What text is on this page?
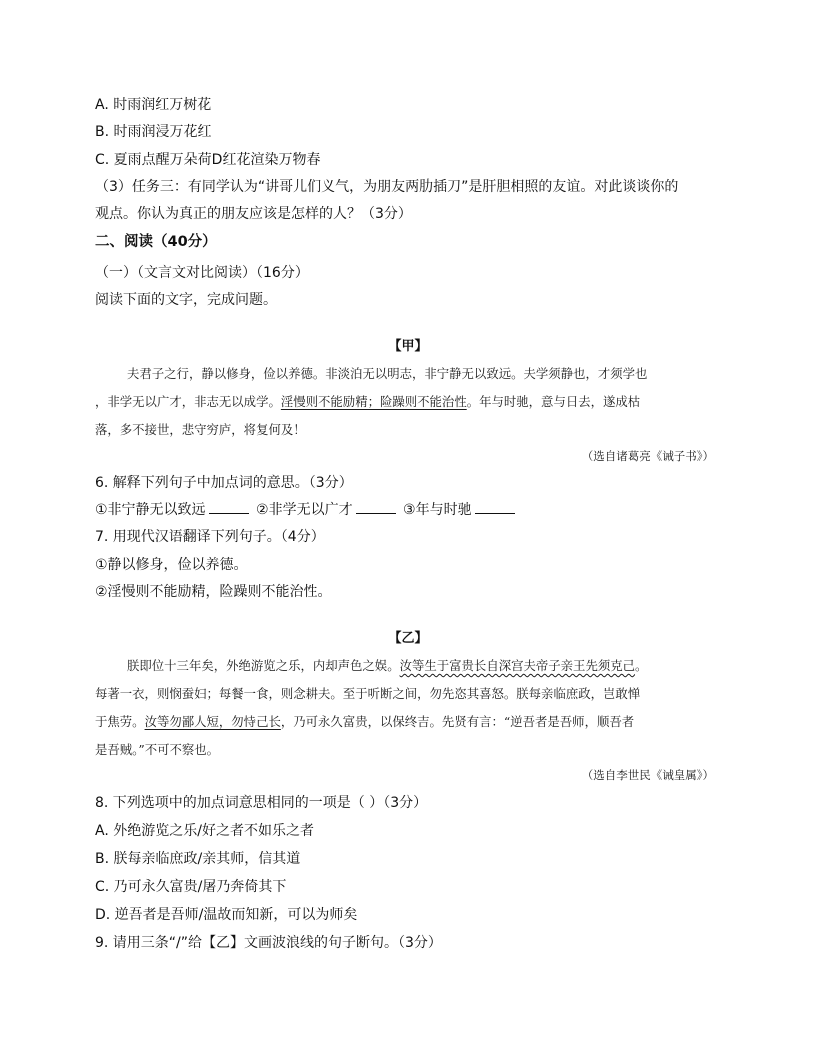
A. 时雨润红万树花
B. 时雨润浸万花红
C. 夏雨点醒万朵荷D红花渲染万物春
（3）任务三：有同学认为“讲哥儿们义气，为朋友两肋插刀”是肝胆相照的友谊。对此谈谈你的
观点。你认为真正的朋友应该是怎样的人？（3分）
二、阅读（40分）
（一）（文言文对比阅读）（16分）
阅读下面的文字，完成问题。
【甲】
夫君子之行，静以修身，俭以养德。非淡泊无以明志，非宁静无以致远。夫学须静也，才须学也
，非学无以广才，非志无以成学。淫慢则不能励精；险躁则不能治性。年与时驰，意与日去，遂成枯
落，多不接世，悲守穷庐，将复何及！
（选自诸葛亮《诫子书》）
6. 解释下列句子中加点词的意思。（3分）
①非宁静无以致远	②非学无以广才	③年与时驰
7. 用现代汉语翻译下列句子。（4分）
①静以修身，俭以养德。
②淫慢则不能励精，险躁则不能治性。
【乙】
朕即位十三年矣，外绝游览之乐，内却声色之娱。汝等生于富贵长自深宫夫帝子亲王先须克己。
每著一衣，则悯蚕妇；每餐一食，则念耕夫。至于听断之间，勿先恣其喜怒。朕每亲临庶政，岂敢惮
于焦劳。汝等勿鄙人短，勿恃己长，乃可永久富贵，以保终吉。先贤有言：“逆吾者是吾师，顺吾者
是吾贼。”不可不察也。
（选自李世民《诫皇属》）
8. 下列选项中的加点词意思相同的一项是（ ）（3分）
A. 外绝游览之乐/好之者不如乐之者
B. 朕每亲临庶政/亲其师，信其道
C. 乃可永久富贵/屠乃奔倚其下
D. 逆吾者是吾师/温故而知新，可以为师矣
9. 请用三条“/”给【乙】文画波浪线的句子断句。（3分）
